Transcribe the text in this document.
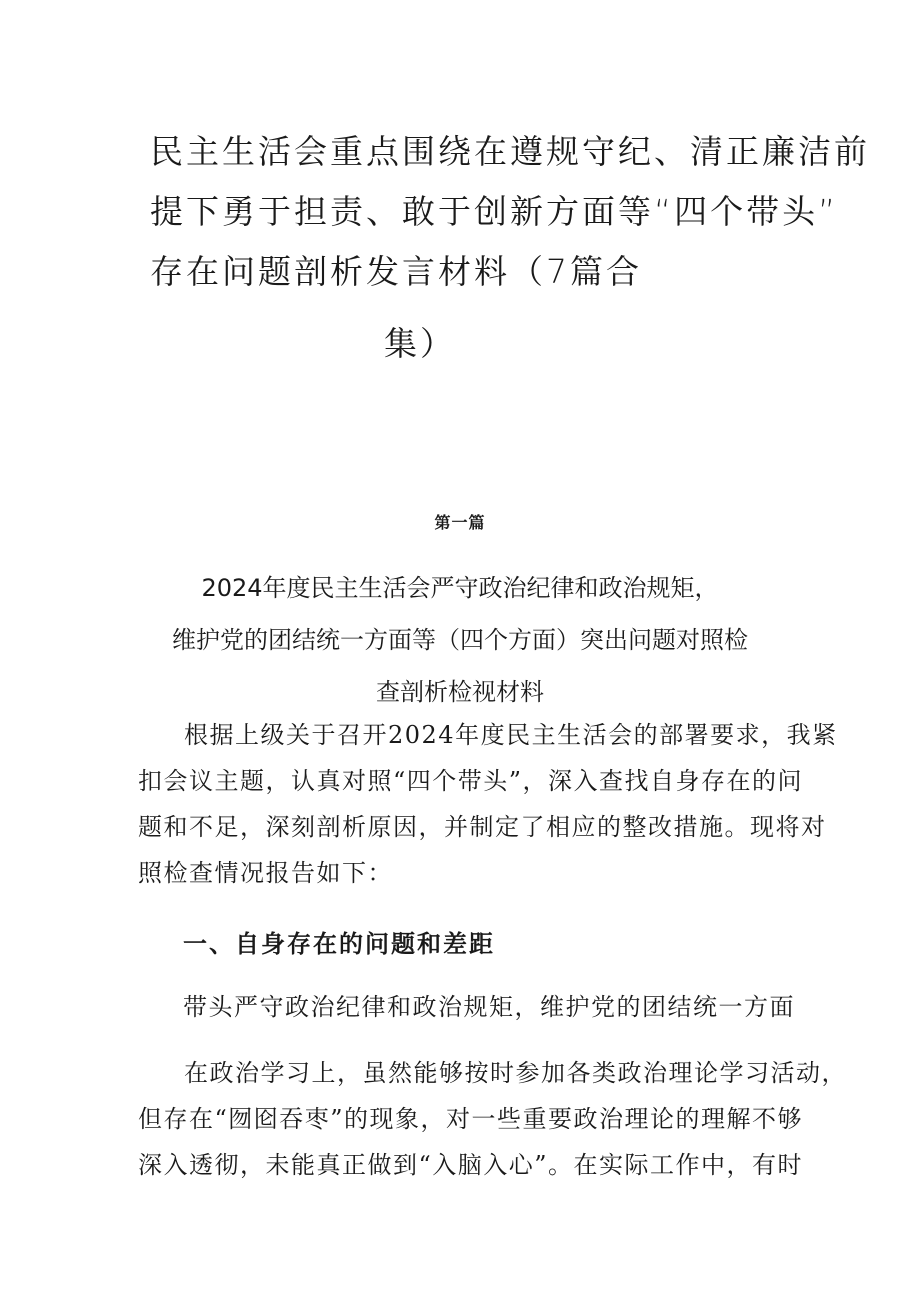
民主生活会重点围绕在遵规守纪、清正廉洁前
提下勇于担责、敢于创新方面等“四个带头”
存在问题剖析发言材料（7篇合
集）
第一篇
2024年度民主生活会严守政治纪律和政治规矩，
维护党的团结统一方面等（四个方面）突出问题对照检
查剖析检视材料
根据上级关于召开2024年度民主生活会的部署要求，我紧
扣会议主题，认真对照“四个带头”，深入查找自身存在的问
题和不足，深刻剖析原因，并制定了相应的整改措施。现将对
照检查情况报告如下：
一、自身存在的问题和差距
带头严守政治纪律和政治规矩，维护党的团结统一方面
在政治学习上，虽然能够按时参加各类政治理论学习活动，
但存在“囫囵吞枣”的现象，对一些重要政治理论的理解不够
深入透彻，未能真正做到“入脑入心”。在实际工作中，有时
